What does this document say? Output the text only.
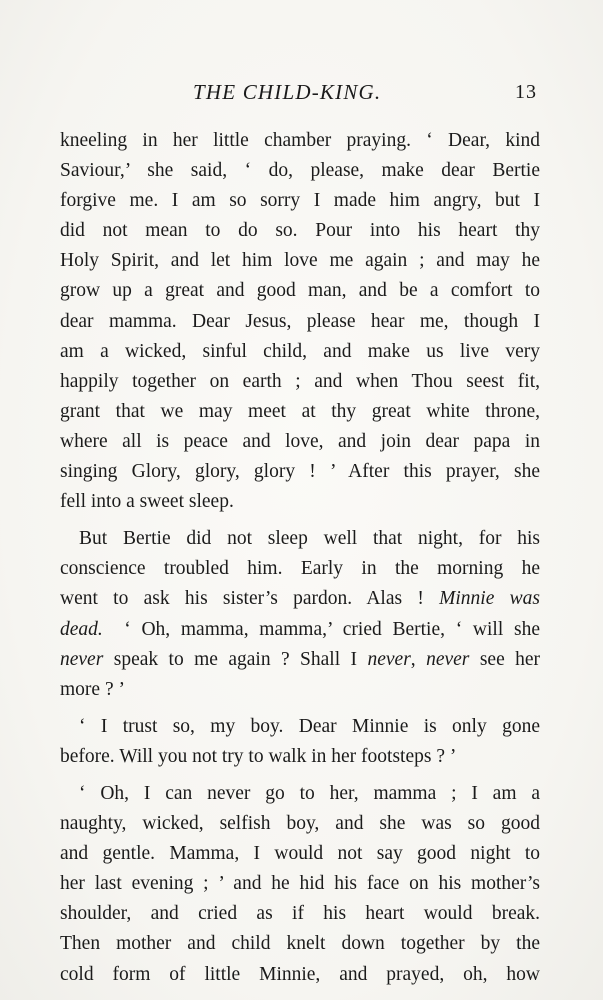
THE CHILD-KING.	13
kneeling in her little chamber praying. ‘ Dear, kind
Saviour,’ she said, ‘ do, please, make dear Bertie
forgive me. I am so sorry I made him angry, but I
did not mean to do so. Pour into his heart thy
Holy Spirit, and let him love me again ; and may he
grow up a great and good man, and be a comfort to
dear mamma. Dear Jesus, please hear me, though I
am a wicked, sinful child, and make us live very
happily together on earth ; and when Thou seest fit,
grant that we may meet at thy great white throne,
where all is peace and love, and join dear papa in
singing Glory, glory, glory ! ’ After this prayer, she
fell into a sweet sleep.
But Bertie did not sleep well that night, for his
conscience troubled him. Early in the morning he
went to ask his sister’s pardon. Alas ! Minnie was
dead. ‘ Oh, mamma, mamma,’ cried Bertie, ‘ will she
never speak to me again ? Shall I never, never see her
more ? ’
‘ I trust so, my boy. Dear Minnie is only gone
before. Will you not try to walk in her footsteps ? ’
‘ Oh, I can never go to her, mamma ; I am a
naughty, wicked, selfish boy, and she was so good
and gentle. Mamma, I would not say good night to
her last evening ; ’ and he hid his face on his mother’s
shoulder, and cried as if his heart would break.
Then mother and child knelt down together by the
cold form of little Minnie, and prayed, oh, how
